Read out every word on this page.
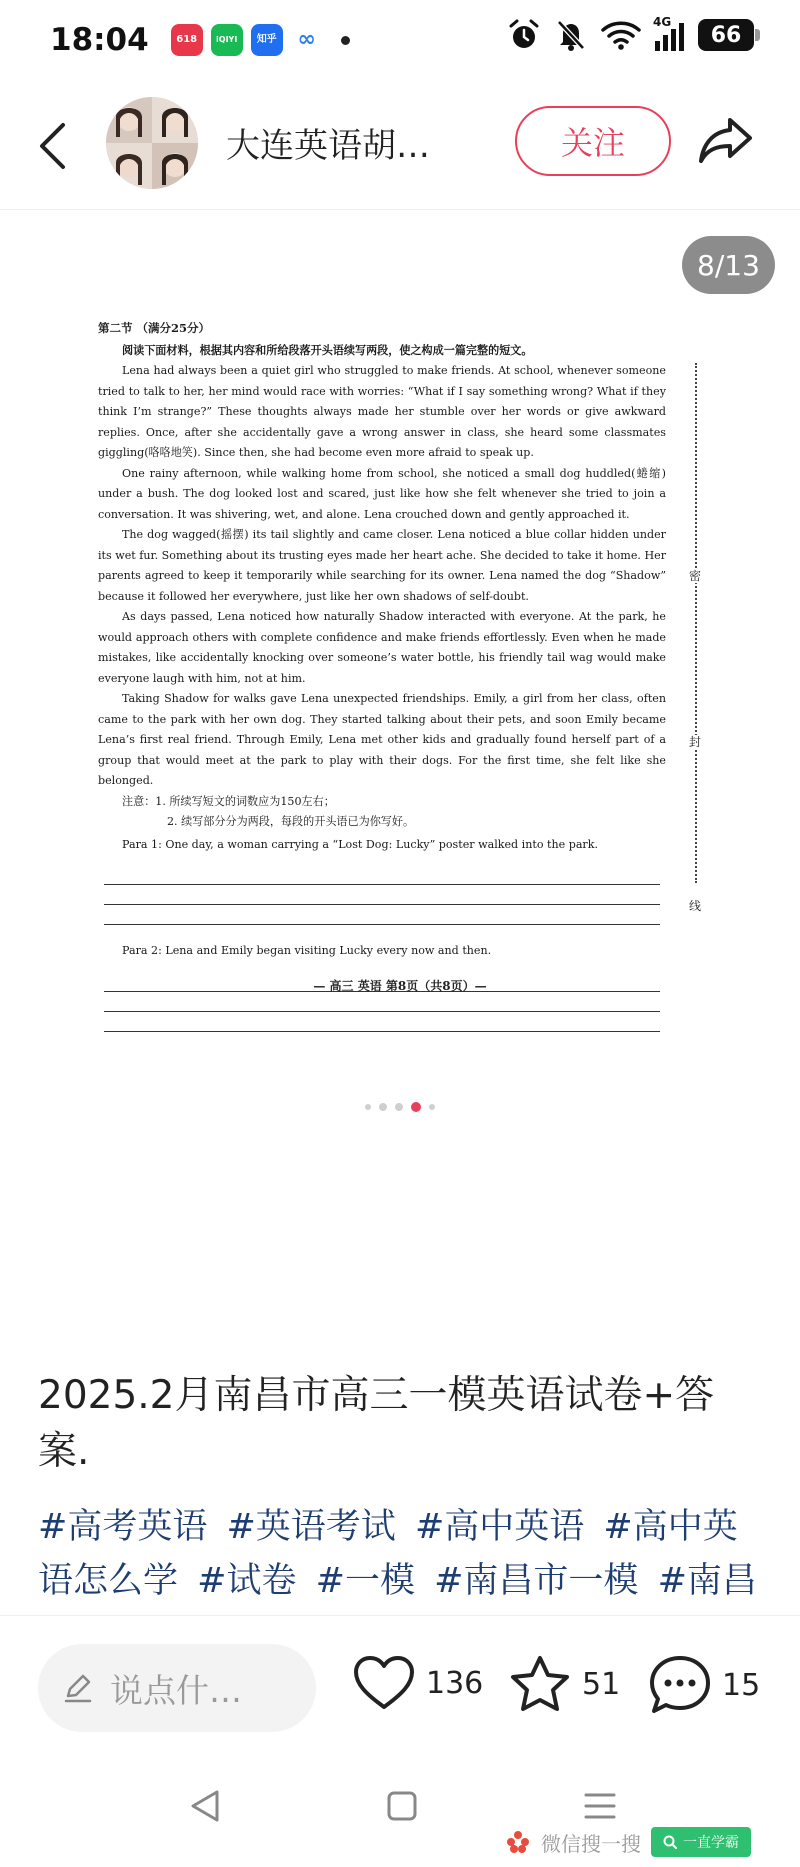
18:04	618	iQIYI	知乎 ∞
4G
66
大连英语胡…	关注
8/13

第二节 （满分25分）

阅读下面材料，根据其内容和所给段落开头语续写两段，使之构成一篇完整的短文。

Lena had always been a quiet girl who struggled to make friends. At school, whenever someone tried to talk to her, her mind would race with worries: “What if I say something wrong? What if they think I’m strange?” These thoughts always made her stumble over her words or give awkward replies. Once, after she accidentally gave a wrong answer in class, she heard some classmates giggling(咯咯地笑). Since then, she had become even more afraid to speak up.

One rainy afternoon, while walking home from school, she noticed a small dog huddled(蜷缩) under a bush. The dog looked lost and scared, just like how she felt whenever she tried to join a conversation. It was shivering, wet, and alone. Lena crouched down and gently approached it.

The dog wagged(摇摆) its tail slightly and came closer. Lena noticed a blue collar hidden under its wet fur. Something about its trusting eyes made her heart ache. She decided to take it home. Her parents agreed to keep it temporarily while searching for its owner. Lena named the dog “Shadow” because it followed her everywhere, just like her own shadows of self-doubt.

As days passed, Lena noticed how naturally Shadow interacted with everyone. At the park, he would approach others with complete confidence and make friends effortlessly. Even when he made mistakes, like accidentally knocking over someone’s water bottle, his friendly tail wag would make everyone laugh with him, not at him.

Taking Shadow for walks gave Lena unexpected friendships. Emily, a girl from her class, often came to the park with her own dog. They started talking about their pets, and soon Emily became Lena’s first real friend. Through Emily, Lena met other kids and gradually found herself part of a group that would meet at the park to play with their dogs. For the first time, she felt like she belonged.

注意：1. 所续写短文的词数应为150左右；

2. 续写部分分为两段，每段的开头语已为你写好。

Para 1: One day, a woman carrying a “Lost Dog: Lucky” poster walked into the park.

Para 2: Lena and Emily began visiting Lucky every now and then.

密
封
线
— 高三 英语 第8页（共8页）—
2025.2月南昌市高三一模英语试卷+答案.
#高考英语 #英语考试 #高中英语 #高中英语怎么学 #试卷 #一模 #南昌市一模 #南昌
说点什…	136	51	15
微信搜一搜	一直学霸
